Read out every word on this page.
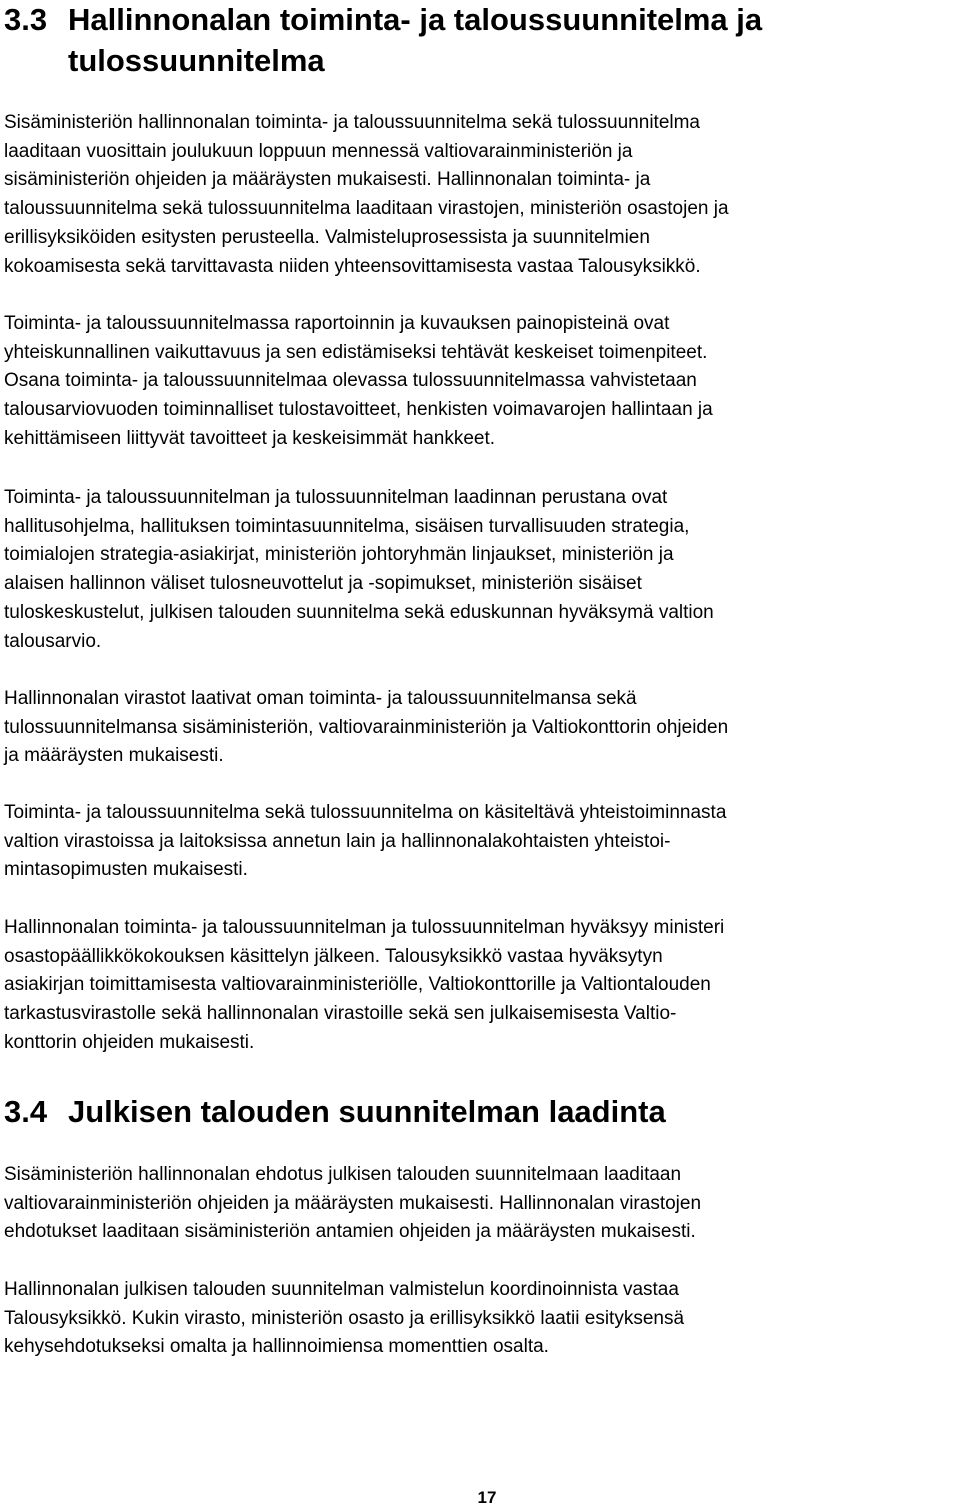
3.3 Hallinnonalan toiminta- ja taloussuunnitelma ja
tulossuunnitelma

Sisäministeriön hallinnonalan toiminta- ja taloussuunnitelma sekä tulossuunnitelma
laaditaan vuosittain joulukuun loppuun mennessä valtiovarainministeriön ja
sisäministeriön ohjeiden ja määräysten mukaisesti. Hallinnonalan toiminta- ja
taloussuunnitelma sekä tulossuunnitelma laaditaan virastojen, ministeriön osastojen ja
erillisyksiköiden esitysten perusteella. Valmisteluprosessista ja suunnitelmien
kokoamisesta sekä tarvittavasta niiden yhteensovittamisesta vastaa Talousyksikkö.

Toiminta- ja taloussuunnitelmassa raportoinnin ja kuvauksen painopisteinä ovat
yhteiskunnallinen vaikuttavuus ja sen edistämiseksi tehtävät keskeiset toimenpiteet.
Osana toiminta- ja taloussuunnitelmaa olevassa tulossuunnitelmassa vahvistetaan
talousarviovuoden toiminnalliset tulostavoitteet, henkisten voimavarojen hallintaan ja
kehittämiseen liittyvät tavoitteet ja keskeisimmät hankkeet.

Toiminta- ja taloussuunnitelman ja tulossuunnitelman laadinnan perustana ovat
hallitusohjelma, hallituksen toimintasuunnitelma, sisäisen turvallisuuden strategia,
toimialojen strategia-asiakirjat, ministeriön johtoryhmän linjaukset, ministeriön ja
alaisen hallinnon väliset tulosneuvottelut ja -sopimukset, ministeriön sisäiset
tuloskeskustelut, julkisen talouden suunnitelma sekä eduskunnan hyväksymä valtion
talousarvio.

Hallinnonalan virastot laativat oman toiminta- ja taloussuunnitelmansa sekä
tulossuunnitelmansa sisäministeriön, valtiovarainministeriön ja Valtiokonttorin ohjeiden
ja määräysten mukaisesti.

Toiminta- ja taloussuunnitelma sekä tulossuunnitelma on käsiteltävä yhteistoiminnasta
valtion virastoissa ja laitoksissa annetun lain ja hallinnonalakohtaisten yhteistoi-
mintasopimusten mukaisesti.

Hallinnonalan toiminta- ja taloussuunnitelman ja tulossuunnitelman hyväksyy ministeri
osastopäällikkökokouksen käsittelyn jälkeen. Talousyksikkö vastaa hyväksytyn
asiakirjan toimittamisesta valtiovarainministeriölle, Valtiokonttorille ja Valtiontalouden
tarkastusvirastolle sekä hallinnonalan virastoille sekä sen julkaisemisesta Valtio-
konttorin ohjeiden mukaisesti.

3.4 Julkisen talouden suunnitelman laadinta

Sisäministeriön hallinnonalan ehdotus julkisen talouden suunnitelmaan laaditaan
valtiovarainministeriön ohjeiden ja määräysten mukaisesti. Hallinnonalan virastojen
ehdotukset laaditaan sisäministeriön antamien ohjeiden ja määräysten mukaisesti.

Hallinnonalan julkisen talouden suunnitelman valmistelun koordinoinnista vastaa
Talousyksikkö. Kukin virasto, ministeriön osasto ja erillisyksikkö laatii esityksensä
kehysehdotukseksi omalta ja hallinnoimiensa momenttien osalta.

17
